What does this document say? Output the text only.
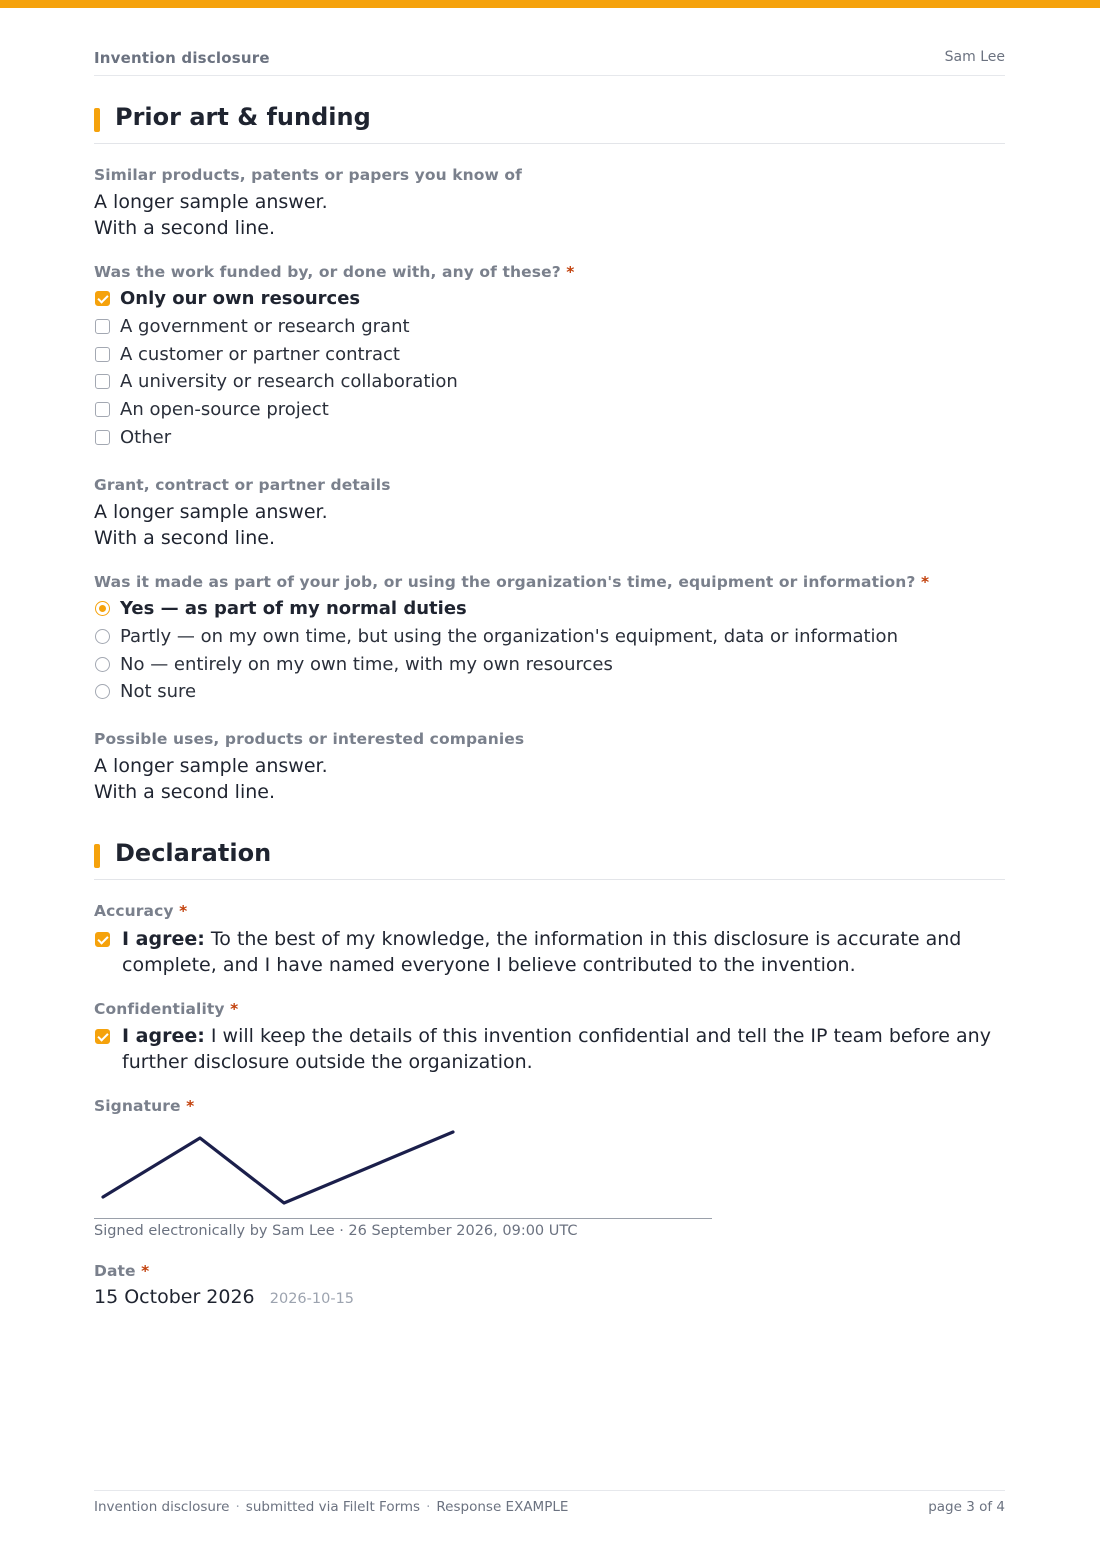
Invention disclosure	Sam Lee
Prior art & funding
Similar products, patents or papers you know of
A longer sample answer.
With a second line.
Was the work funded by, or done with, any of these? *
Only our own resources
A government or research grant
A customer or partner contract
A university or research collaboration
An open-source project
Other
Grant, contract or partner details
A longer sample answer.
With a second line.
Was it made as part of your job, or using the organization's time, equipment or information? *
Yes — as part of my normal duties
Partly — on my own time, but using the organization's equipment, data or information
No — entirely on my own time, with my own resources
Not sure
Possible uses, products or interested companies
A longer sample answer.
With a second line.
Declaration
Accuracy *
I agree: To the best of my knowledge, the information in this disclosure is accurate and complete, and I have named everyone I believe contributed to the invention.
Confidentiality *
I agree: I will keep the details of this invention confidential and tell the IP team before any further disclosure outside the organization.
Signature *
Signed electronically by Sam Lee · 26 September 2026, 09:00 UTC
Date *
15 October 2026 2026-10-15
Invention disclosure · submitted via FileIt Forms · Response EXAMPLE	page 3 of 4
